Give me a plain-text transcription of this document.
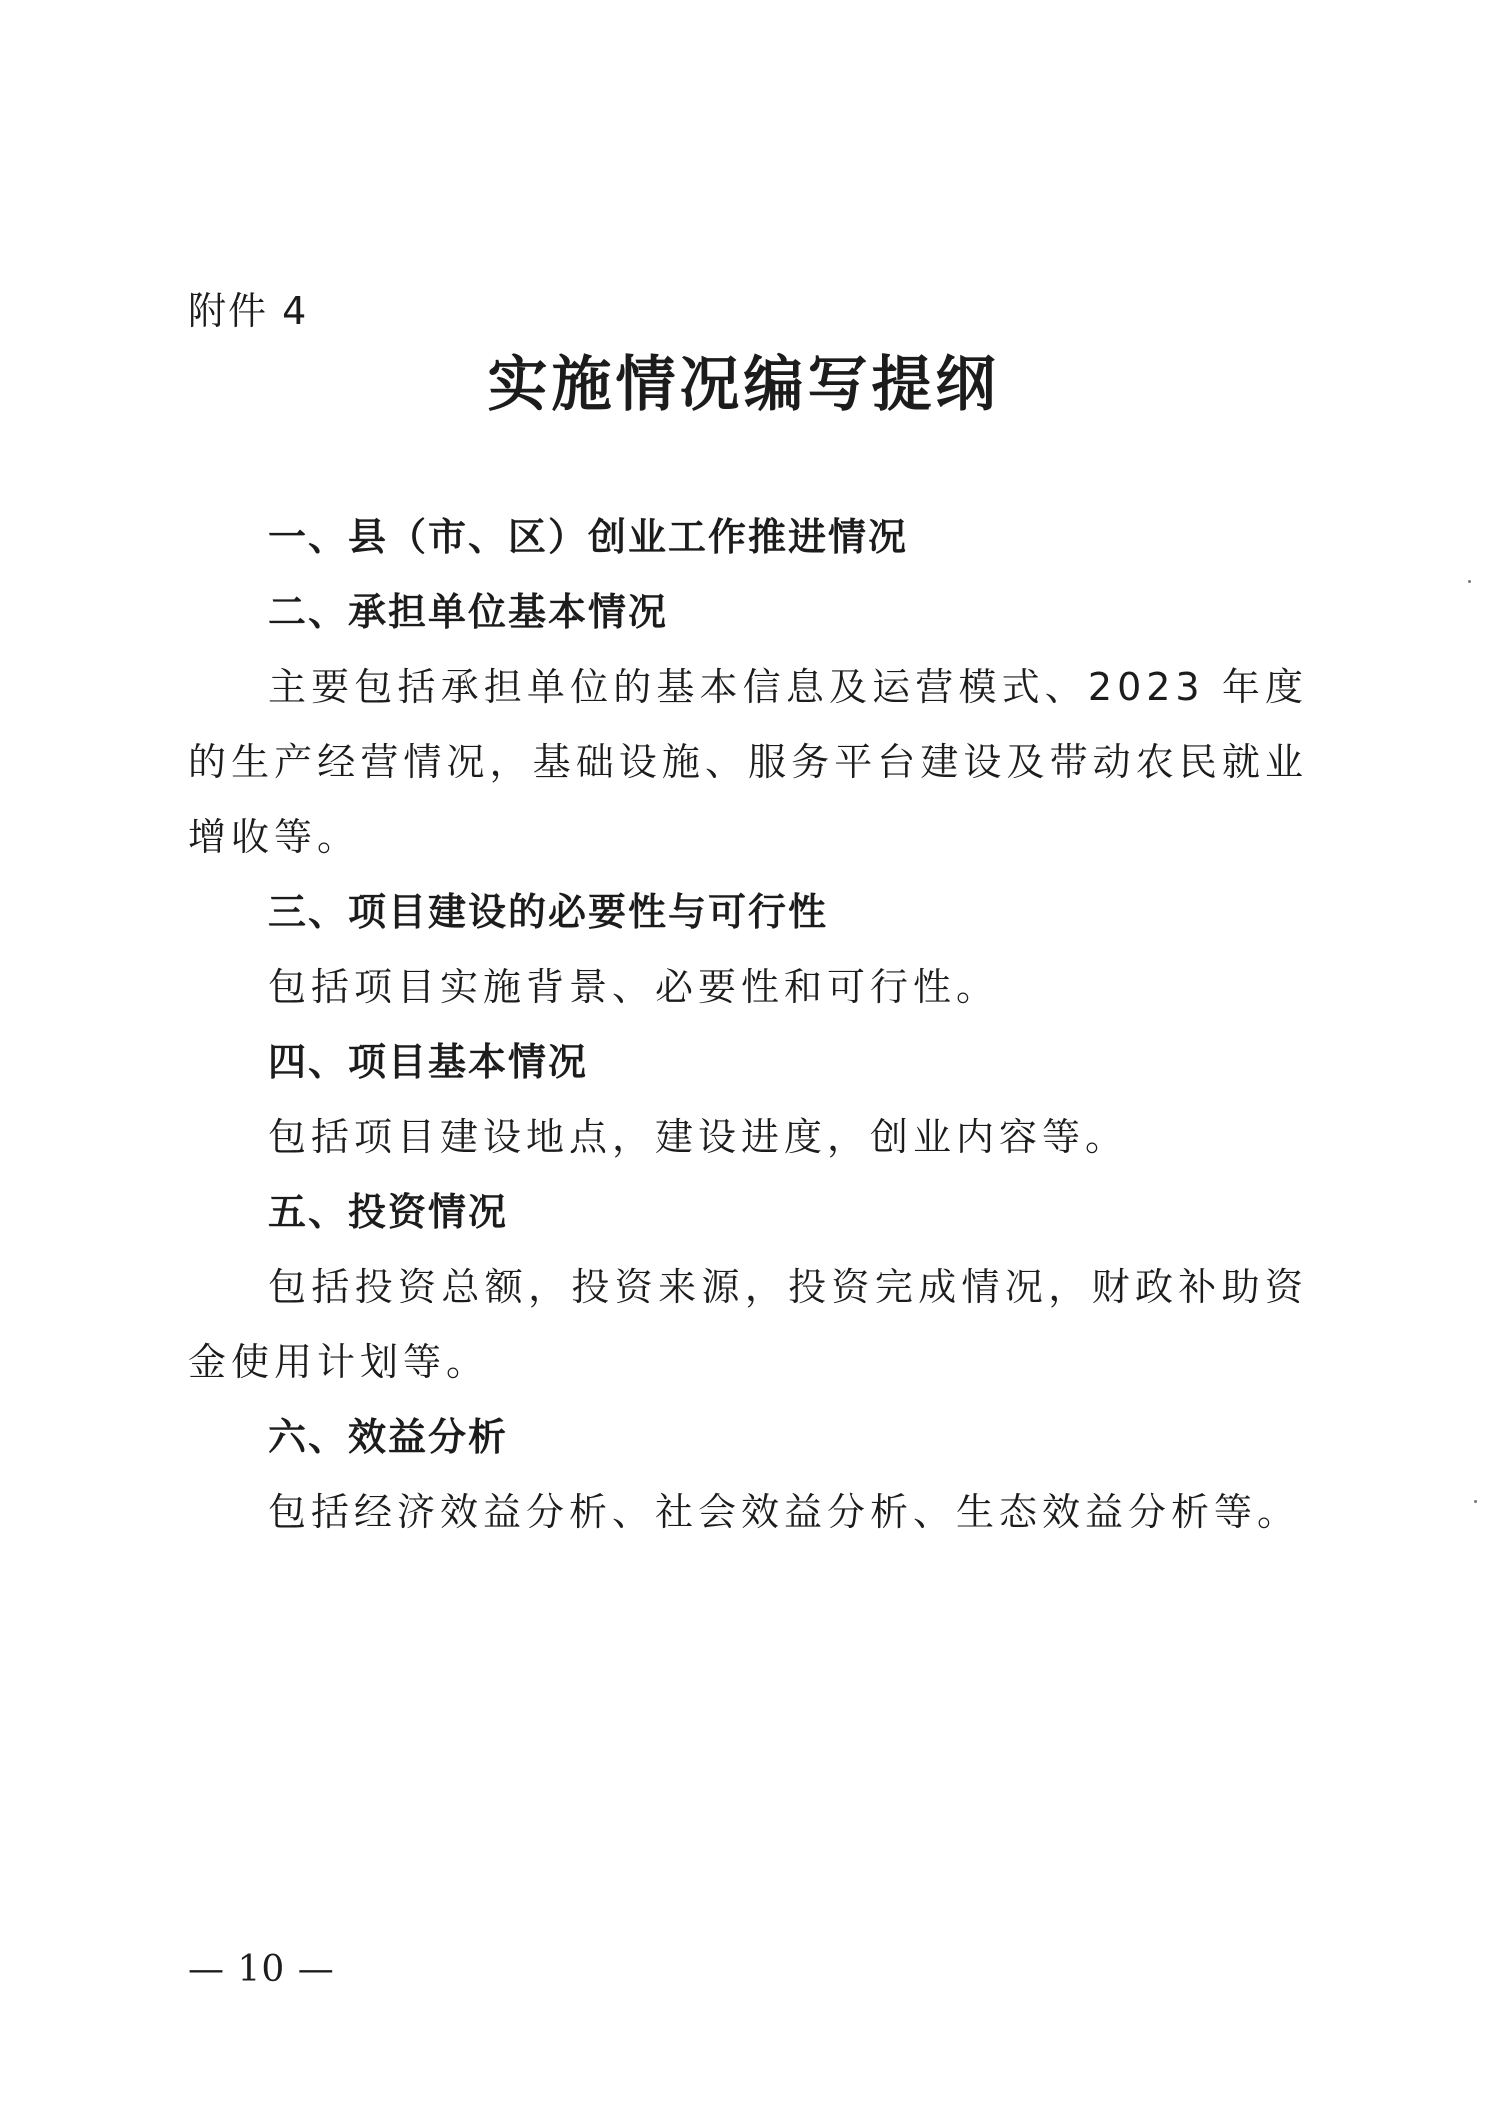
附件 4
实施情况编写提纲

一、县（市、区）创业工作推进情况

二、承担单位基本情况

主要包括承担单位的基本信息及运营模式、2023 年度的生产经营情况，基础设施、服务平台建设及带动农民就业增收等。

三、项目建设的必要性与可行性

包括项目实施背景、必要性和可行性。

四、项目基本情况

包括项目建设地点，建设进度，创业内容等。

五、投资情况

包括投资总额，投资来源，投资完成情况，财政补助资金使用计划等。

六、效益分析

包括经济效益分析、社会效益分析、生态效益分析等。

— 10 —
